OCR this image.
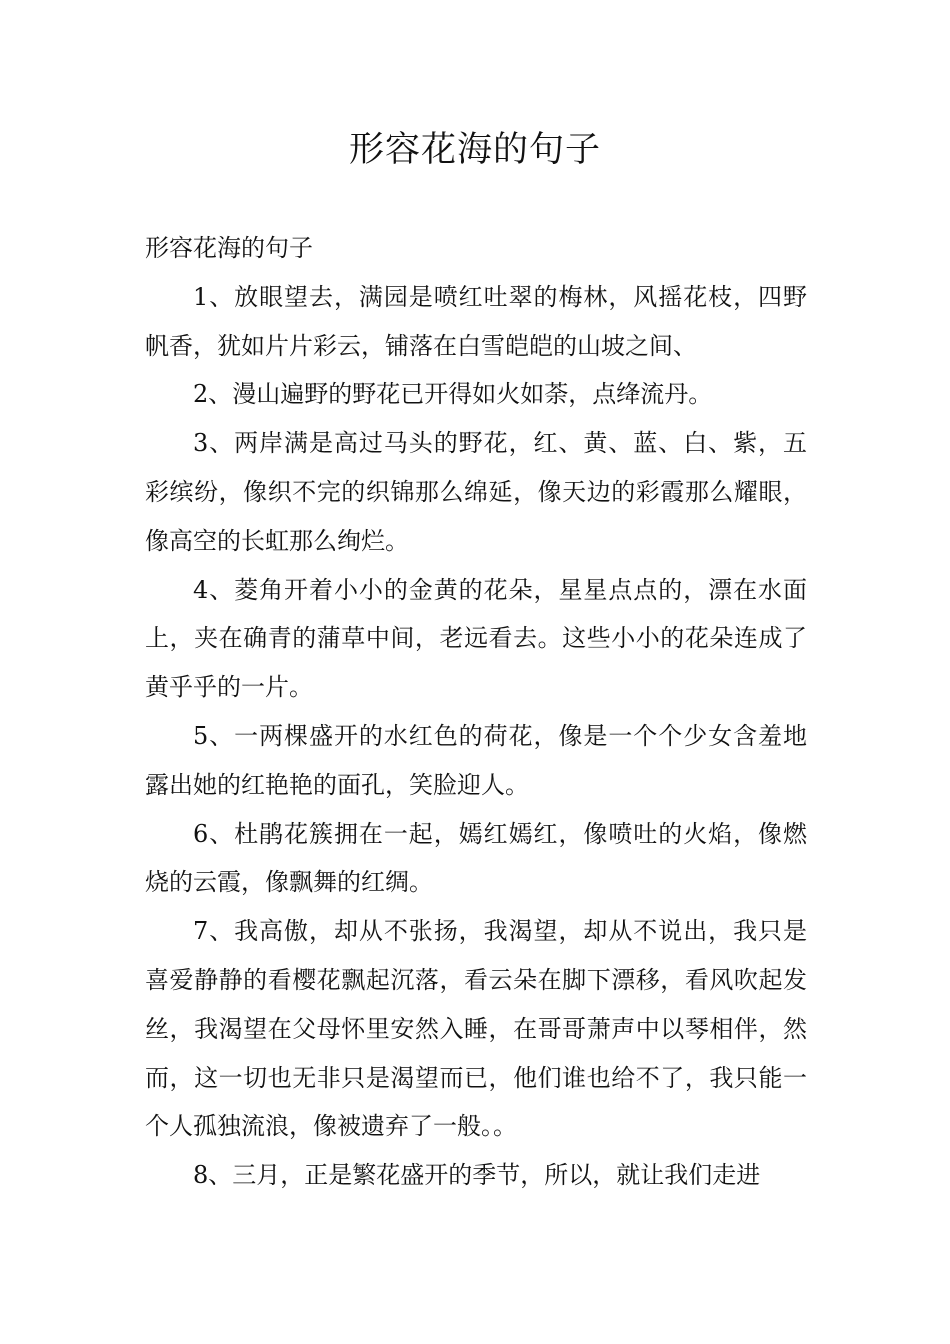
形容花海的句子

形容花海的句子

1、放眼望去，满园是喷红吐翠的梅林，风摇花枝，四野帆香，犹如片片彩云，铺落在白雪皑皑的山坡之间、

2、漫山遍野的野花已开得如火如荼，点绛流丹。

3、两岸满是高过马头的野花，红、黄、蓝、白、紫，五彩缤纷，像织不完的织锦那么绵延，像天边的彩霞那么耀眼，像高空的长虹那么绚烂。

4、菱角开着小小的金黄的花朵，星星点点的，漂在水面上，夹在确青的蒲草中间，老远看去。这些小小的花朵连成了黄乎乎的一片。

5、一两棵盛开的水红色的荷花，像是一个个少女含羞地露出她的红艳艳的面孔，笑脸迎人。

6、杜鹃花簇拥在一起，嫣红嫣红，像喷吐的火焰，像燃烧的云霞，像飘舞的红绸。

7、我高傲，却从不张扬，我渴望，却从不说出，我只是喜爱静静的看樱花飘起沉落，看云朵在脚下漂移，看风吹起发丝，我渴望在父母怀里安然入睡，在哥哥萧声中以琴相伴，然而，这一切也无非只是渴望而已，他们谁也给不了，我只能一个人孤独流浪，像被遗弃了一般。。

8、三月，正是繁花盛开的季节，所以，就让我们走进
